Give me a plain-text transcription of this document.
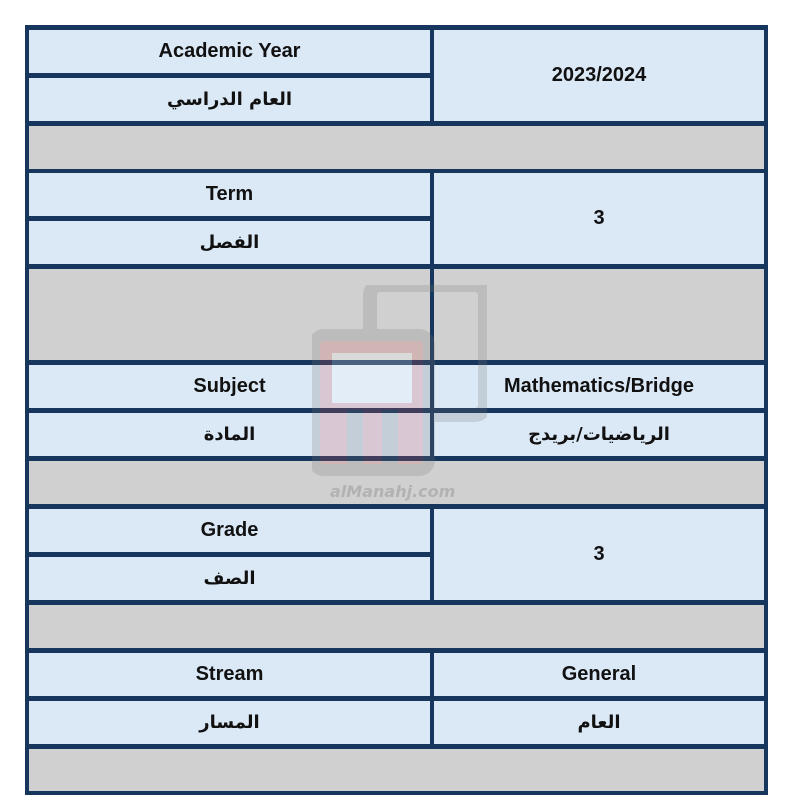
Academic Year
العام الدراسي
2023/2024
Term
الفصل
3
Subject
المادة
Mathematics/Bridge
الرياضيات/بريدج
Grade
الصف
3
Stream
المسار
General
العام
alManahj.com
